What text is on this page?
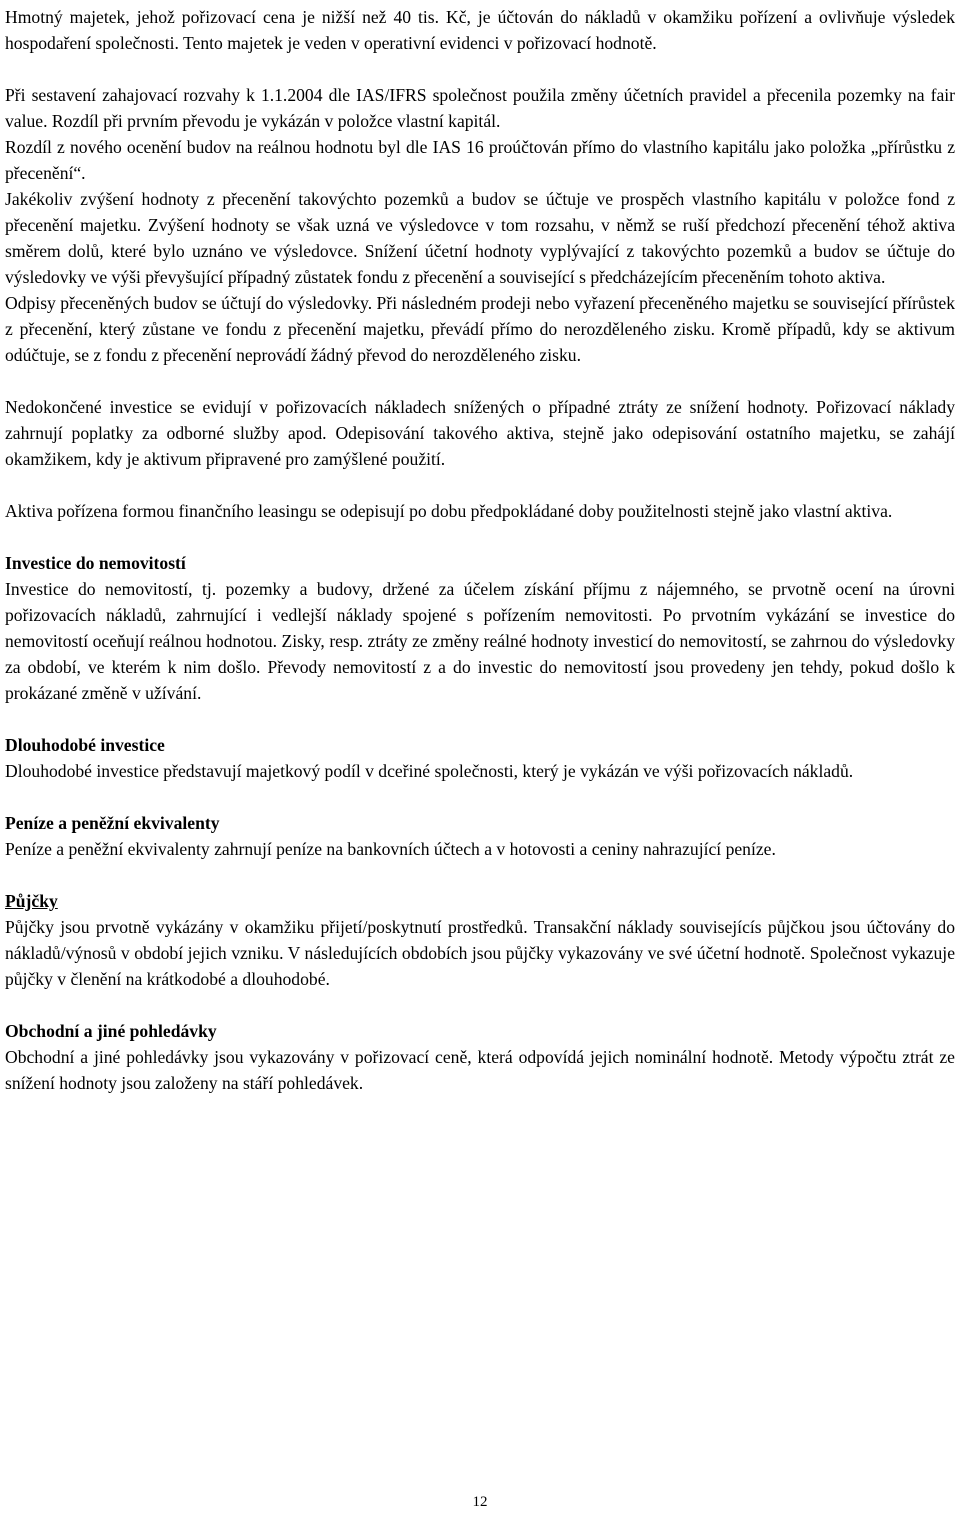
Hmotný majetek, jehož pořizovací cena je nižší než 40 tis. Kč, je účtován do nákladů v okamžiku pořízení a ovlivňuje výsledek hospodaření společnosti. Tento majetek je veden v operativní evidenci v pořizovací hodnotě.

Při sestavení zahajovací rozvahy k 1.1.2004 dle IAS/IFRS společnost použila změny účetních pravidel a přecenila pozemky na fair value. Rozdíl při prvním převodu je vykázán v položce vlastní kapitál.

Rozdíl z nového ocenění budov na reálnou hodnotu byl dle IAS 16 proúčtován přímo do vlastního kapitálu jako položka „přírůstku z přecenění“.

Jakékoliv zvýšení hodnoty z přecenění takovýchto pozemků a budov se účtuje ve prospěch vlastního kapitálu v položce fond z přecenění majetku. Zvýšení hodnoty se však uzná ve výsledovce v tom rozsahu, v němž se ruší předchozí přecenění téhož aktiva směrem dolů, které bylo uznáno ve výsledovce. Snížení účetní hodnoty vyplývající z takovýchto pozemků a budov se účtuje do výsledovky ve výši převyšující případný zůstatek fondu z přecenění a související s předcházejícím přeceněním tohoto aktiva.

Odpisy přeceněných budov se účtují do výsledovky. Při následném prodeji nebo vyřazení přeceněného majetku se související přírůstek z přecenění, který zůstane ve fondu z přecenění majetku, převádí přímo do nerozděleného zisku. Kromě případů, kdy se aktivum odúčtuje, se z fondu z přecenění neprovádí žádný převod do nerozděleného zisku.

Nedokončené investice se evidují v pořizovacích nákladech snížených o případné ztráty ze snížení hodnoty. Pořizovací náklady zahrnují poplatky za odborné služby apod. Odepisování takového aktiva, stejně jako odepisování ostatního majetku, se zahájí okamžikem, kdy je aktivum připravené pro zamýšlené použití.

Aktiva pořízena formou finančního leasingu se odepisují po dobu předpokládané doby použitelnosti stejně jako vlastní aktiva.

Investice do nemovitostí

Investice do nemovitostí, tj. pozemky a budovy, držené za účelem získání příjmu z nájemného, se prvotně ocení na úrovni pořizovacích nákladů, zahrnující i vedlejší náklady spojené s pořízením nemovitosti. Po prvotním vykázání se investice do nemovitostí oceňují reálnou hodnotou. Zisky, resp. ztráty ze změny reálné hodnoty investicí do nemovitostí, se zahrnou do výsledovky za období, ve kterém k nim došlo. Převody nemovitostí z a do investic do nemovitostí jsou provedeny jen tehdy, pokud došlo k prokázané změně v užívání.

Dlouhodobé investice

Dlouhodobé investice představují majetkový podíl v dceřiné společnosti, který je vykázán ve výši pořizovacích nákladů.

Peníze a peněžní ekvivalenty

Peníze a peněžní ekvivalenty zahrnují peníze na bankovních účtech a v hotovosti a ceniny nahrazující peníze.

Půjčky

Půjčky jsou prvotně vykázány v okamžiku přijetí/poskytnutí prostředků. Transakční náklady souvisejícís půjčkou jsou účtovány do nákladů/výnosů v období jejich vzniku. V následujících obdobích jsou půjčky vykazovány ve své účetní hodnotě. Společnost vykazuje půjčky v členění na krátkodobé a dlouhodobé.

Obchodní a jiné pohledávky

Obchodní a jiné pohledávky jsou vykazovány v pořizovací ceně, která odpovídá jejich nominální hodnotě. Metody výpočtu ztrát ze snížení hodnoty jsou založeny na stáří pohledávek.

12
